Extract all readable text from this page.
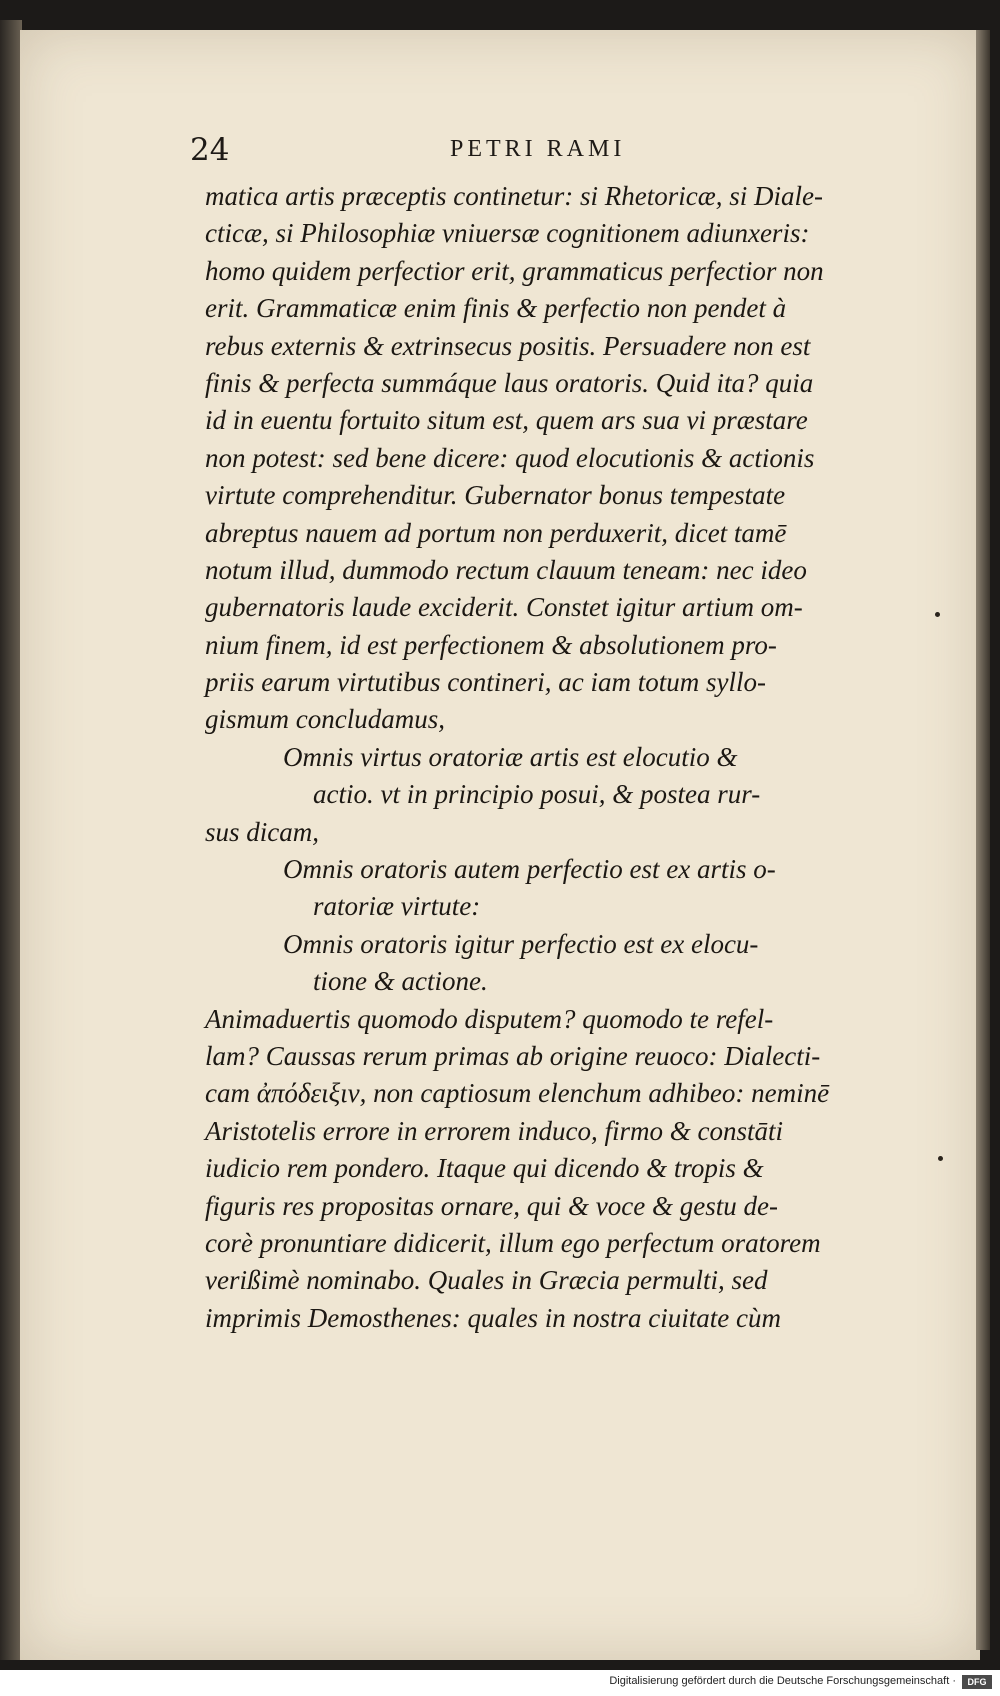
24	PETRI RAMI
matica artis præceptis continetur: si Rhetoricæ, si Diale-
cticæ, si Philosophiæ vniuersæ cognitionem adiunxeris:
homo quidem perfectior erit, grammaticus perfectior non
erit. Grammaticæ enim finis & perfectio non pendet à
rebus externis & extrinsecus positis. Persuadere non est
finis & perfecta summáque laus oratoris. Quid ita? quia
id in euentu fortuito situm est, quem ars sua vi præstare
non potest: sed bene dicere: quod elocutionis & actionis
virtute comprehenditur. Gubernator bonus tempestate
abreptus nauem ad portum non perduxerit, dicet tamē
notum illud, dummodo rectum clauum teneam: nec ideo
gubernatoris laude exciderit. Constet igitur artium om-
nium finem, id est perfectionem & absolutionem pro-
priis earum virtutibus contineri, ac iam totum syllo-
gismum concludamus,
Omnis virtus oratoriæ artis est elocutio &
actio. vt in principio posui, & postea rur-
sus dicam,
Omnis oratoris autem perfectio est ex artis o-
ratoriæ virtute:
Omnis oratoris igitur perfectio est ex elocu-
tione & actione.
Animaduertis quomodo disputem? quomodo te refel-
lam? Caussas rerum primas ab origine reuoco: Dialecti-
cam ἀπόδειξιν, non captiosum elenchum adhibeo: neminē
Aristotelis errore in errorem induco, firmo & constāti
iudicio rem pondero. Itaque qui dicendo & tropis &
figuris res propositas ornare, qui & voce & gestu de-
corè pronuntiare didicerit, illum ego perfectum oratorem
verißimè nominabo. Quales in Græcia permulti, sed
imprimis Demosthenes: quales in nostra ciuitate cùm
Digitalisierung gefördert durch die Deutsche Forschungsgemeinschaft ·	DFG
